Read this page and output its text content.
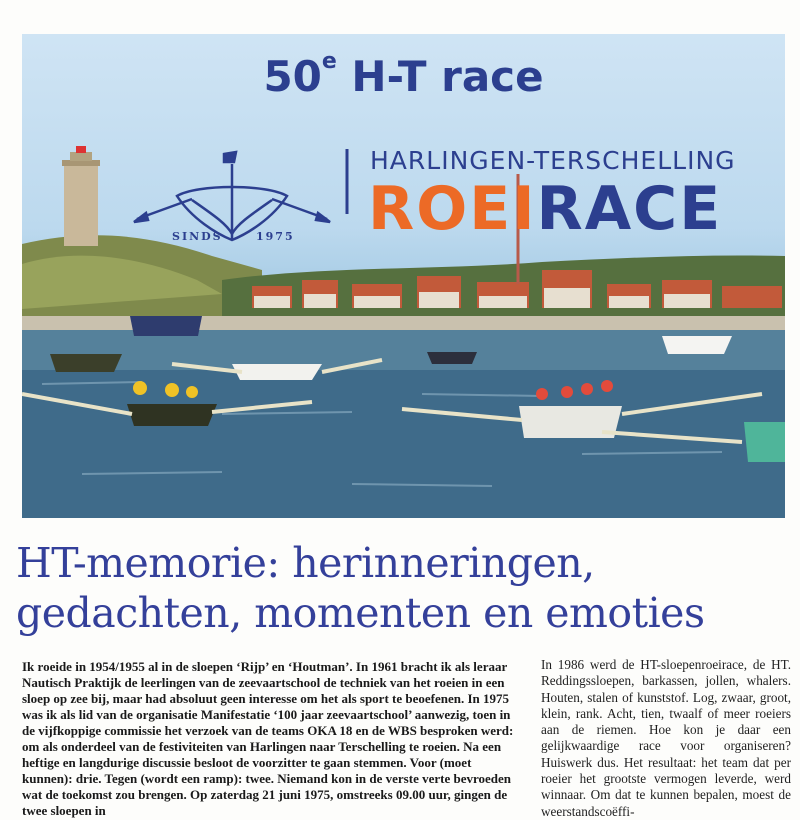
50e H-T race
SINDS	1975
HARLINGEN-TERSCHELLING
ROEIRACE
HT-memorie: herinneringen,
gedachten, momenten en emoties
Ik roeide in 1954/1955 al in de sloepen ‘Rijp’ en ‘Houtman’. In 1961 bracht ik als leraar Nautisch Praktijk de leerlingen van de zeevaartschool de techniek van het roeien in een sloep op zee bij, maar had absoluut geen interesse om het als sport te beoefenen. In 1975 was ik als lid van de organisatie Manifestatie ‘100 jaar zeevaartschool’ aanwezig, toen in de vijfkoppige commissie het verzoek van de teams OKA 18 en de WBS besproken werd: om als onderdeel van de festiviteiten van Harlingen naar Terschelling te roeien. Na een heftige en langdurige discussie besloot de voorzitter te gaan stemmen. Voor (moet kunnen): drie. Tegen (wordt een ramp): twee. Niemand kon in de verste verte bevroeden wat de toekomst zou brengen. Op zaterdag 21 juni 1975, omstreeks 09.00 uur, gingen de twee sloepen in
In 1986 werd de HT-sloepenroeirace, de HT. Reddingssloepen, barkassen, jollen, whalers. Houten, stalen of kunststof. Log, zwaar, groot, klein, rank. Acht, tien, twaalf of meer roeiers aan de riemen. Hoe kon je daar een gelijkwaardige race voor organiseren? Huiswerk dus. Het resultaat: het team dat per roeier het grootste vermogen leverde, werd winnaar. Om dat te kunnen bepalen, moest de weerstandscoëffi-
